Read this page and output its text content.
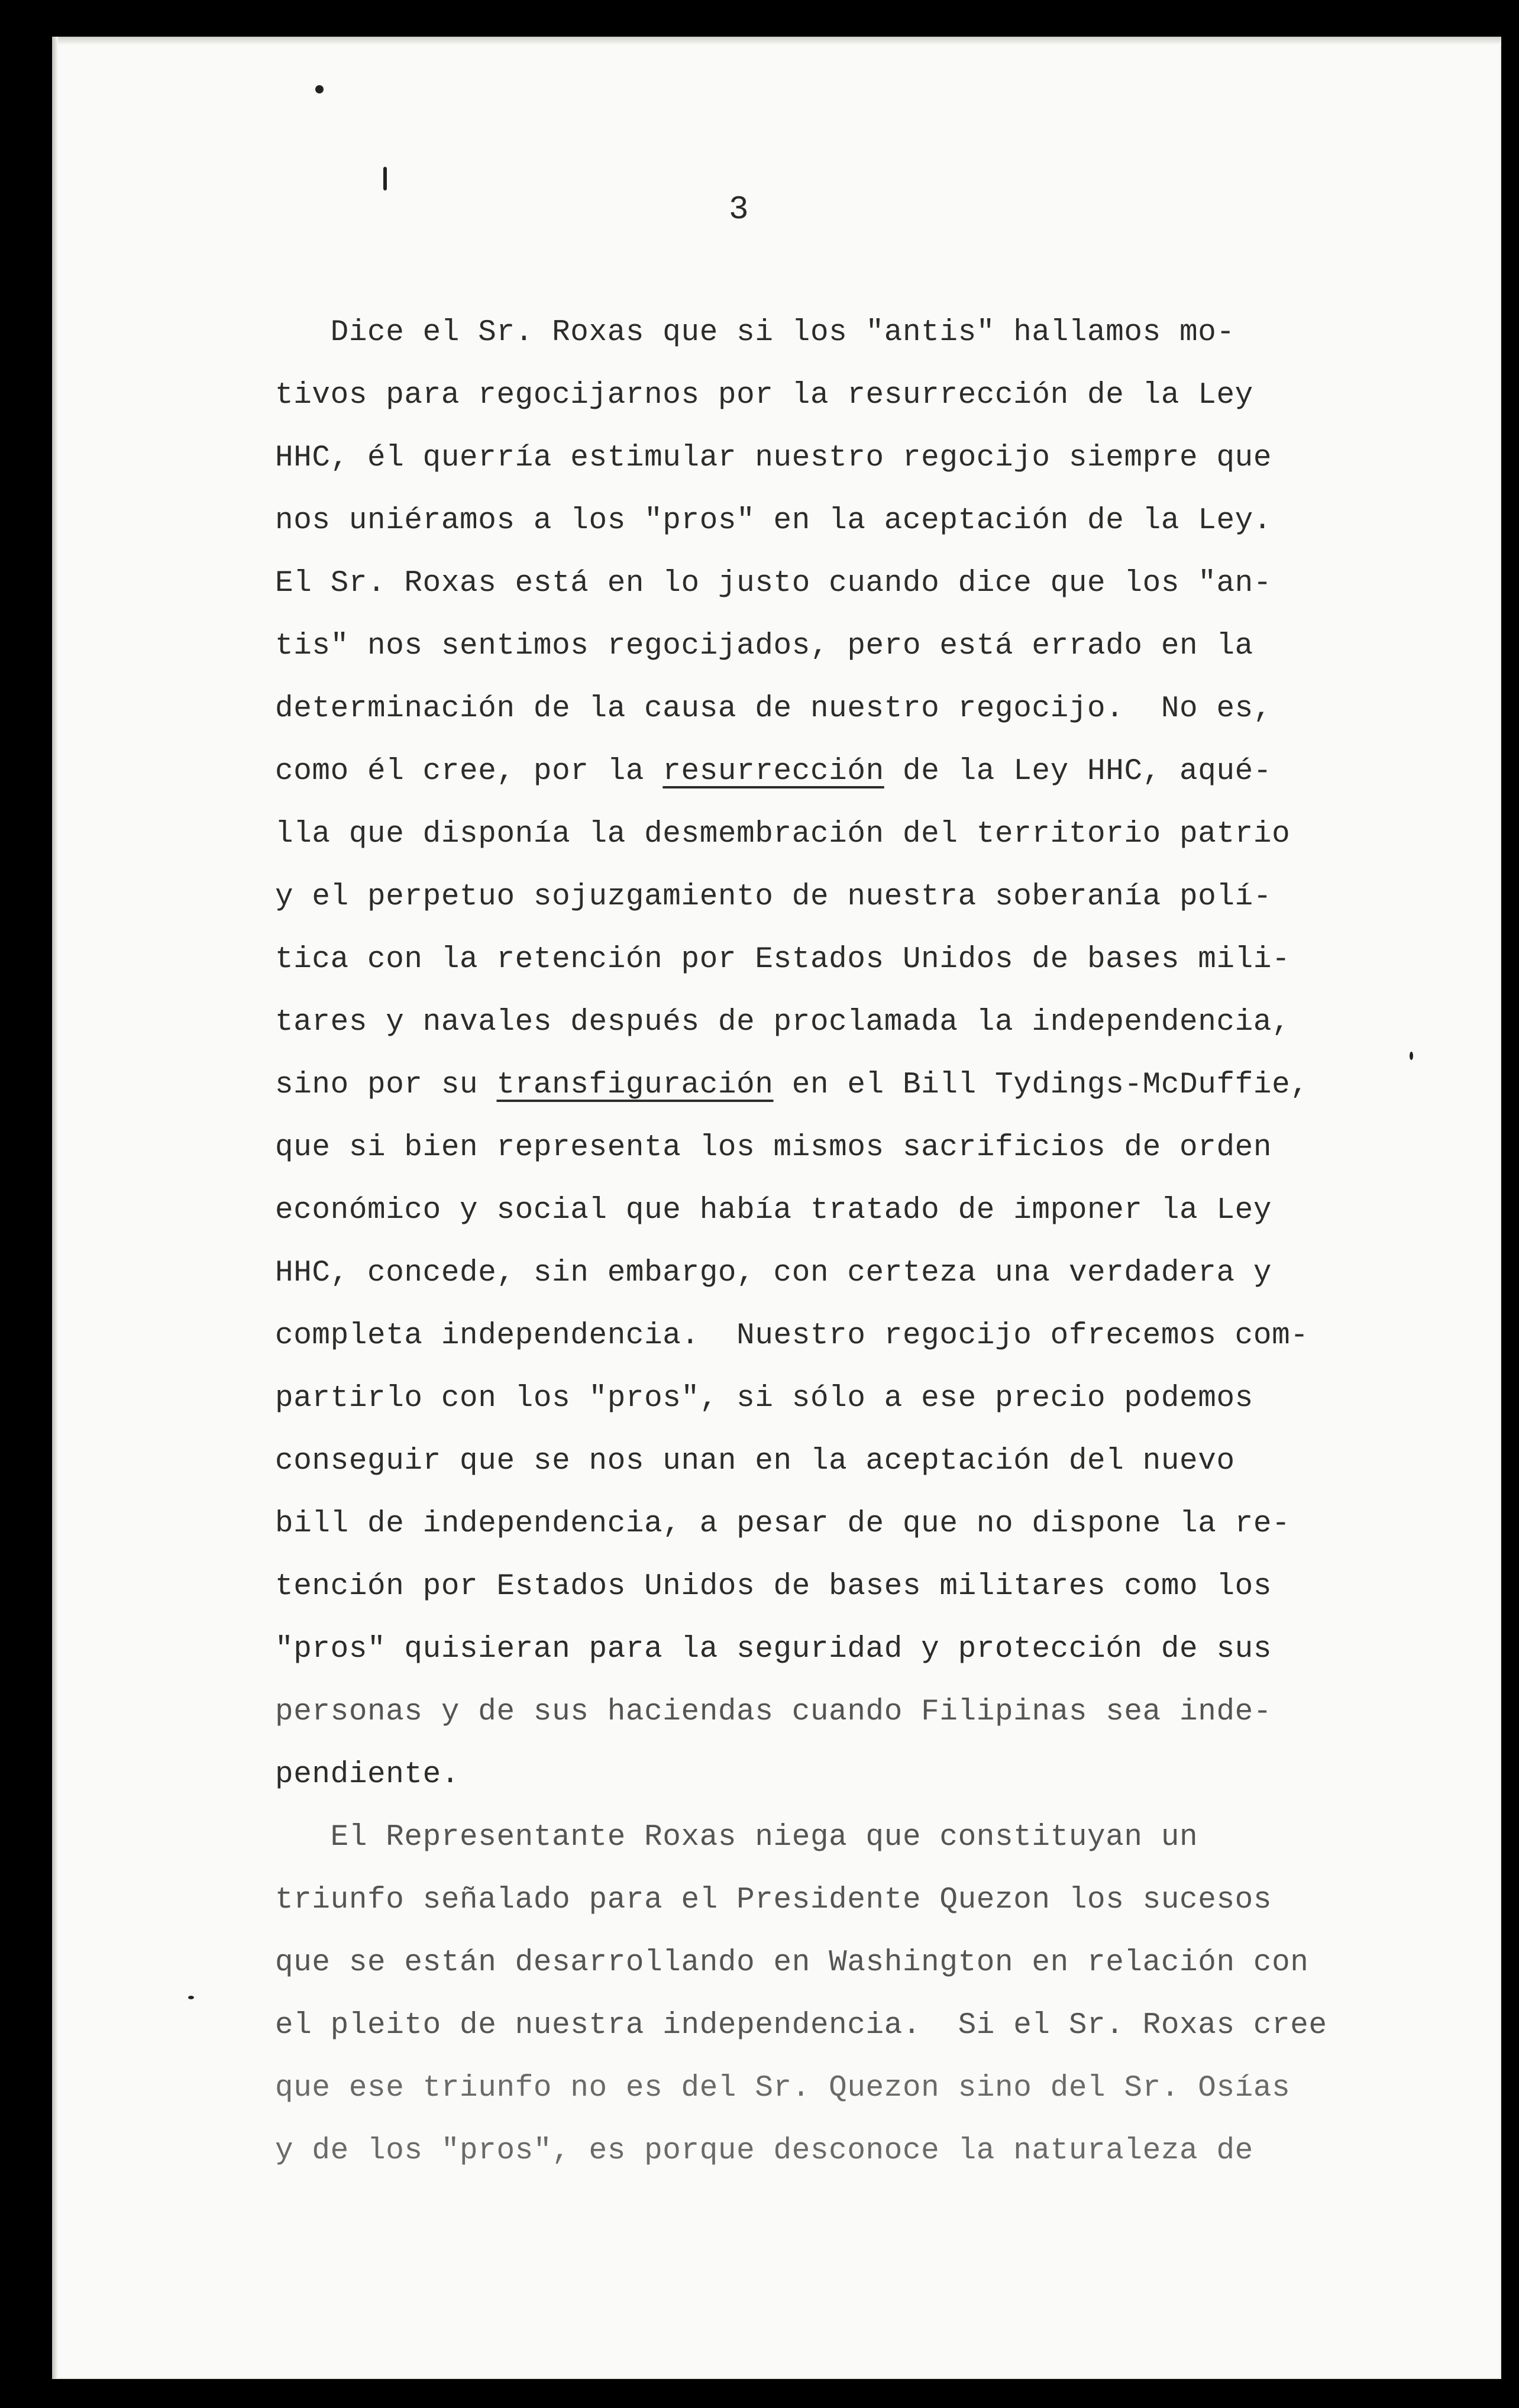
3
Dice el Sr. Roxas que si los "antis" hallamos mo-
tivos para regocijarnos por la resurrección de la Ley
HHC, él querría estimular nuestro regocijo siempre que
nos uniéramos a los "pros" en la aceptación de la Ley.
El Sr. Roxas está en lo justo cuando dice que los "an-
tis" nos sentimos regocijados, pero está errado en la
determinación de la causa de nuestro regocijo.  No es,
como él cree, por la resurrección de la Ley HHC, aqué-
lla que disponía la desmembración del territorio patrio
y el perpetuo sojuzgamiento de nuestra soberanía polí-
tica con la retención por Estados Unidos de bases mili-
tares y navales después de proclamada la independencia,
sino por su transfiguración en el Bill Tydings-McDuffie,
que si bien representa los mismos sacrificios de orden
económico y social que había tratado de imponer la Ley
HHC, concede, sin embargo, con certeza una verdadera y
completa independencia.  Nuestro regocijo ofrecemos com-
partirlo con los "pros", si sólo a ese precio podemos
conseguir que se nos unan en la aceptación del nuevo
bill de independencia, a pesar de que no dispone la re-
tención por Estados Unidos de bases militares como los
"pros" quisieran para la seguridad y protección de sus
personas y de sus haciendas cuando Filipinas sea inde-
pendiente.
El Representante Roxas niega que constituyan un
triunfo señalado para el Presidente Quezon los sucesos
que se están desarrollando en Washington en relación con
el pleito de nuestra independencia.  Si el Sr. Roxas cree
que ese triunfo no es del Sr. Quezon sino del Sr. Osías
y de los "pros", es porque desconoce la naturaleza de
